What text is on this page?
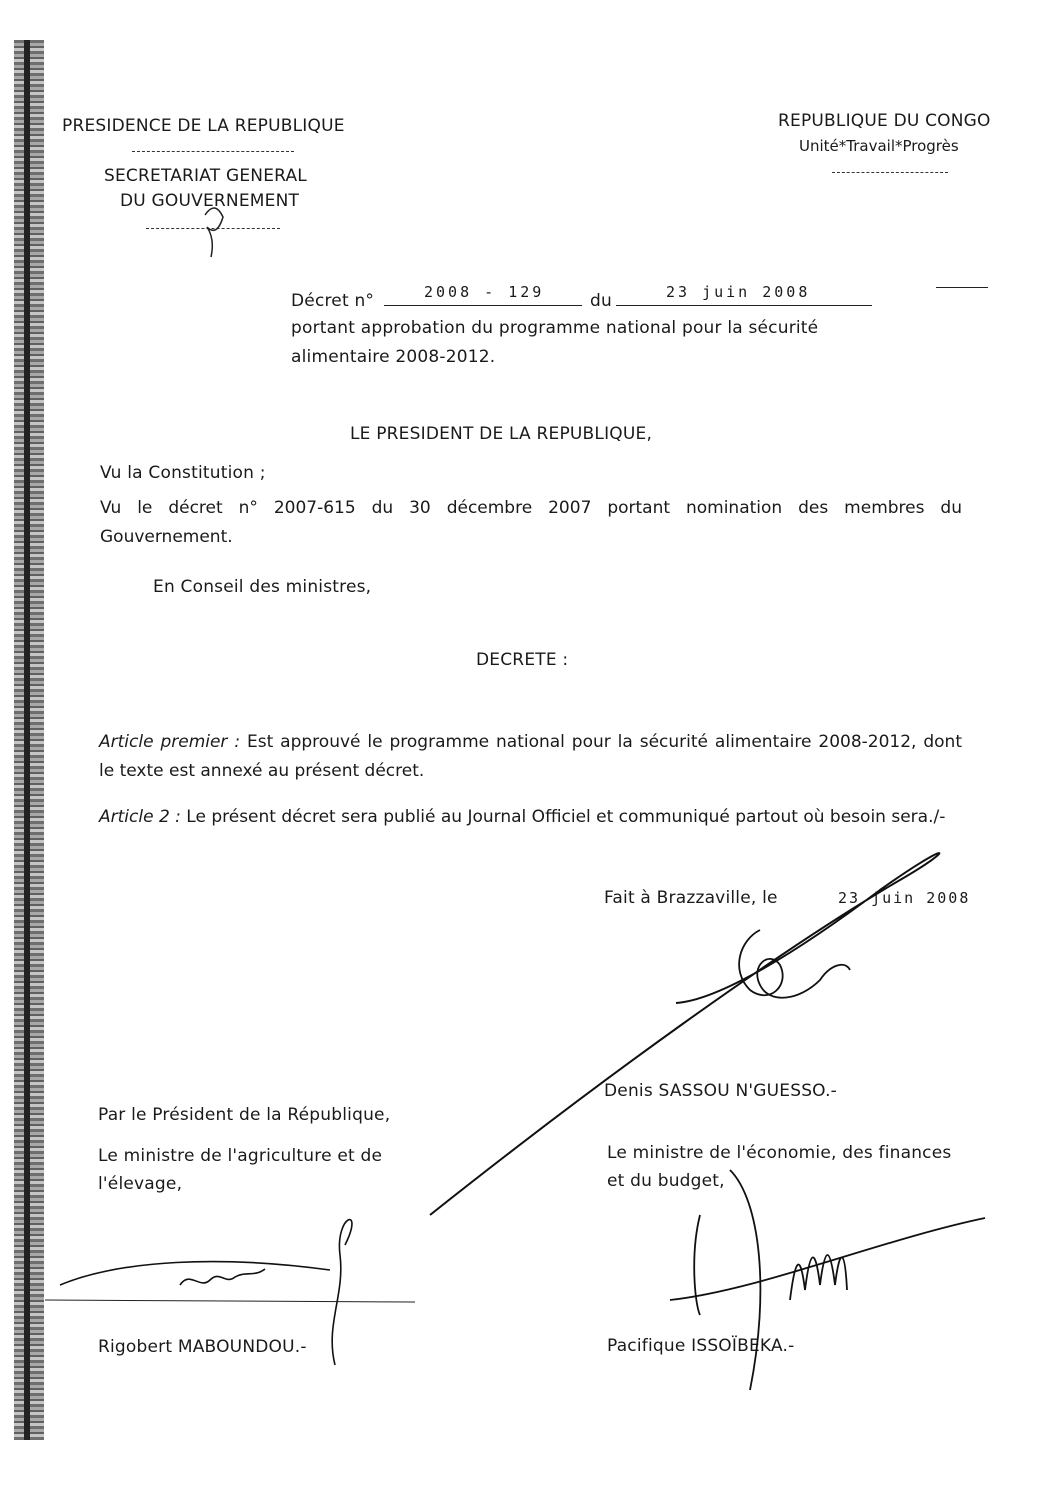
PRESIDENCE DE LA REPUBLIQUE
SECRETARIAT GENERAL
DU GOUVERNEMENT
REPUBLIQUE DU CONGO
Unité*Travail*Progrès
Décret n°	2008 - 129	du	23 juin 2008
portant approbation du programme national pour la sécurité
alimentaire 2008-2012.
LE PRESIDENT DE LA REPUBLIQUE,
Vu la Constitution ;
Vu le décret n° 2007-615 du 30 décembre 2007 portant nomination des membres du Gouvernement.
En Conseil des ministres,
DECRETE :
Article premier : Est approuvé le programme national pour la sécurité alimentaire 2008-2012, dont le texte est annexé au présent décret.
Article 2 : Le présent décret sera publié au Journal Officiel et communiqué partout où besoin sera./-
Fait à Brazzaville, le	23 juin 2008
Denis SASSOU N'GUESSO.-
Par le Président de la République,
Le ministre de l'agriculture et de
l'élevage,
Rigobert MABOUNDOU.-
Le ministre de l'économie, des finances
et du budget,
Pacifique ISSOÏBEKA.-
